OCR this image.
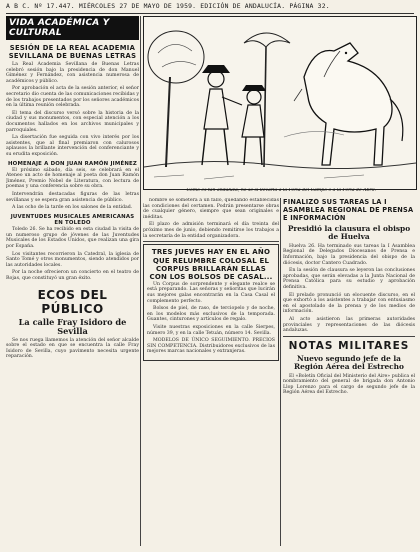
A B C. Nº 17.447. MIÉRCOLES 27 DE MAYO DE 1959. EDICIÓN DE ANDALUCÍA. PÁGINA 32.
VIDA ACADÉMICA Y CULTURAL
SESIÓN DE LA REAL ACADEMIA SEVILLANA DE BUENAS LETRAS

La Real Academia Sevillana de Buenas Letras celebró sesión bajo la presidencia de don Manuel Giménez y Fernández, con asistencia numerosa de académicos y público.

Por aprobación el acta de la sesión anterior, el señor secretario dio cuenta de las comunicaciones recibidas y de los trabajos presentados por los señores académicos en la última reunión celebrada.

El tema del discurso versó sobre la historia de la ciudad y sus monumentos, con especial atención a los documentos hallados en los archivos municipales y parroquiales.

La disertación fue seguida con vivo interés por los asistentes, que al final premiaron con calurosos aplausos la brillante intervención del conferenciante y su erudita exposición.

HOMENAJE A DON JUAN RAMÓN JIMÉNEZ

El próximo sábado, día seis, se celebrará en el Ateneo un acto de homenaje al poeta don Juan Ramón Jiménez, Premio Nobel de Literatura, con lectura de poemas y una conferencia sobre su obra.

Intervendrán destacadas figuras de las letras sevillanas y se espera gran asistencia de público.

A las ocho de la tarde en los salones de la entidad.

JUVENTUDES MUSICALES AMERICANAS EN TOLEDO

Toledo 26. Se ha recibido en esta ciudad la visita de un numeroso grupo de jóvenes de las Juventudes Musicales de los Estados Unidos, que realizan una gira por España.

Los visitantes recorrieron la Catedral, la iglesia de Santo Tomé y otros monumentos, siendo atendidos por las autoridades locales.

Por la noche ofrecieron un concierto en el teatro de Rojas, que constituyó un gran éxito.

ECOS DEL PÚBLICO
La calle Fray Isidoro de Sevilla

Se nos ruega llamemos la atención del señor alcalde sobre el estado en que se encuentra la calle Fray Isidoro de Sevilla, cuyo pavimento necesita urgente reparación.

—Como es tan andaluza, no sé si llevarla a la Feria del Campo o a la Feria de Abril.

nombre se someterá a un fallo, quedando establecidas las condiciones del certamen. Podrán presentarse obras de cualquier género, siempre que sean originales e inéditas.

El plazo de admisión terminará el día treinta del próximo mes de junio, debiendo remitirse los trabajos a la secretaría de la entidad organizadora.

TRES JUEVES HAY EN EL AÑO QUE RELUMBRE COLOSAL EL CORPUS BRILLARÁN ELLAS CON LOS BOLSOS DE CASAL...

Un Corpus de sorprendente y elegante realce se está preparando. Las señoras y señoritas que lucirán sus mejores galas encontrarán en la Casa Casal el complemento perfecto.

Bolsos de piel, de raso, de terciopelo y de noche, en los modelos más exclusivos de la temporada. Guantes, cinturones y artículos de regalo.

Visite nuestras exposiciones en la calle Sierpes, número 39, y en la calle Tetuán, número 14. Sevilla.

MODELOS DE ÚNICO SEGUIMIENTO. PRECIOS SIN COMPETENCIA. Distribuidores exclusivos de las mejores marcas nacionales y extranjeras.

FINALIZÓ SUS TAREAS LA I ASAMBLEA REGIONAL DE PRENSA E INFORMACIÓN
Presidió la clausura el obispo de Huelva

Huelva 26. Ha terminado sus tareas la I Asamblea Regional de Delegados Diocesanos de Prensa e Información, bajo la presidencia del obispo de la diócesis, doctor Cantero Cuadrado.

En la sesión de clausura se leyeron las conclusiones aprobadas, que serán elevadas a la Junta Nacional de Prensa Católica para su estudio y aprobación definitiva.

El prelado pronunció un elocuente discurso, en el que exhortó a los asistentes a trabajar con entusiasmo en el apostolado de la prensa y de los medios de información.

Al acto asistieron las primeras autoridades provinciales y representaciones de las diócesis andaluzas.

NOTAS MILITARES
Nuevo segundo jefe de la Región Aérea del Estrecho

El «Boletín Oficial del Ministerio del Aire» publica el nombramiento del general de brigada don Antonio Llop Lorenzo para el cargo de segundo jefe de la Región Aérea del Estrecho.
